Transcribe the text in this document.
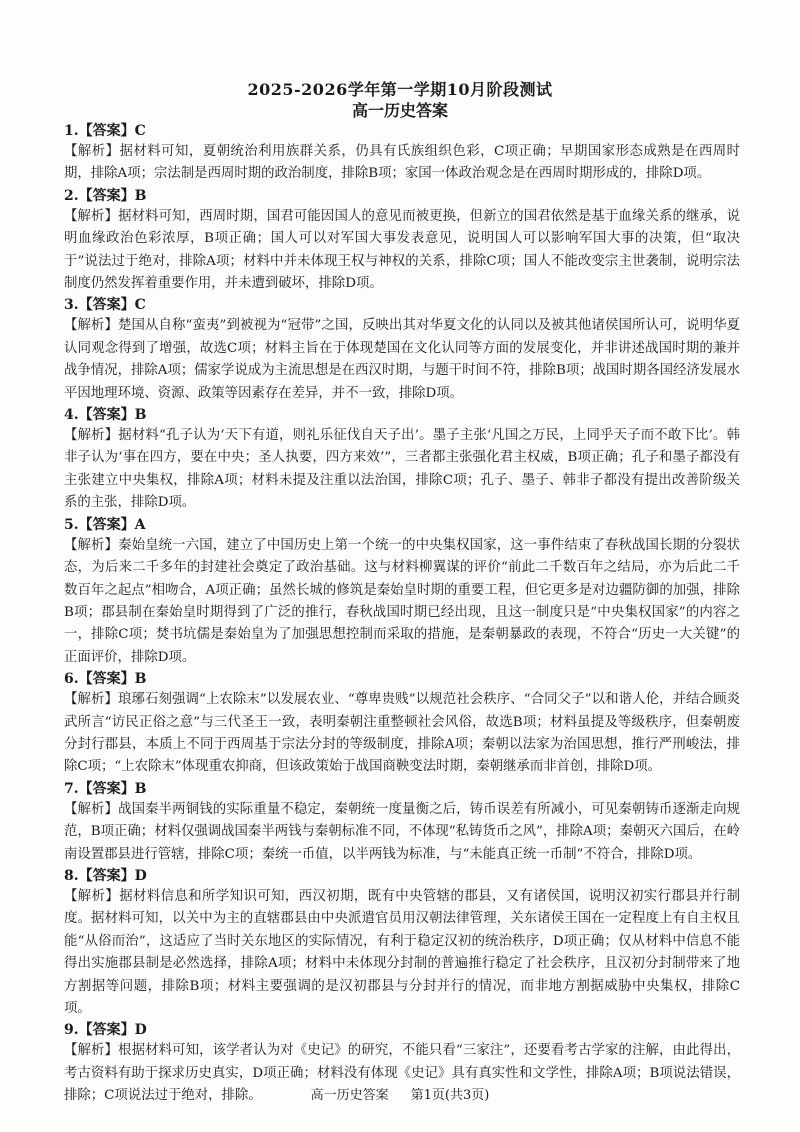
2025-2026学年第一学期10月阶段测试
高一历史答案
1.【答案】C

【解析】据材料可知，夏朝统治利用族群关系，仍具有氏族组织色彩，C项正确；早期国家形态成熟是在西周时期，排除A项；宗法制是西周时期的政治制度，排除B项；家国一体政治观念是在西周时期形成的，排除D项。

2.【答案】B

【解析】据材料可知，西周时期，国君可能因国人的意见而被更换，但新立的国君依然是基于血缘关系的继承，说明血缘政治色彩浓厚，B项正确；国人可以对军国大事发表意见，说明国人可以影响军国大事的决策，但“取决于”说法过于绝对，排除A项；材料中并未体现王权与神权的关系，排除C项；国人不能改变宗主世袭制，说明宗法制度仍然发挥着重要作用，并未遭到破坏，排除D项。

3.【答案】C

【解析】楚国从自称“蛮夷”到被视为“冠带”之国，反映出其对华夏文化的认同以及被其他诸侯国所认可，说明华夏认同观念得到了增强，故选C项；材料主旨在于体现楚国在文化认同等方面的发展变化，并非讲述战国时期的兼并战争情况，排除A项；儒家学说成为主流思想是在西汉时期，与题干时间不符，排除B项；战国时期各国经济发展水平因地理环境、资源、政策等因素存在差异，并不一致，排除D项。

4.【答案】B

【解析】据材料“孔子认为‘天下有道，则礼乐征伐自天子出’。墨子主张‘凡国之万民，上同乎天子而不敢下比’。韩非子认为‘事在四方，要在中央；圣人执要，四方来效’”，三者都主张强化君主权威，B项正确；孔子和墨子都没有主张建立中央集权，排除A项；材料未提及注重以法治国，排除C项；孔子、墨子、韩非子都没有提出改善阶级关系的主张，排除D项。

5.【答案】A

【解析】秦始皇统一六国，建立了中国历史上第一个统一的中央集权国家，这一事件结束了春秋战国长期的分裂状态，为后来二千多年的封建社会奠定了政治基础。这与材料柳翼谋的评价“前此二千数百年之结局，亦为后此二千数百年之起点”相吻合，A项正确；虽然长城的修筑是秦始皇时期的重要工程，但它更多是对边疆防御的加强，排除B项；郡县制在秦始皇时期得到了广泛的推行，春秋战国时期已经出现，且这一制度只是“中央集权国家”的内容之一，排除C项；焚书坑儒是秦始皇为了加强思想控制而采取的措施，是秦朝暴政的表现，不符合“历史一大关键”的正面评价，排除D项。

6.【答案】B

【解析】琅琊石刻强调“上农除末”以发展农业、“尊卑贵贱”以规范社会秩序、“合同父子”以和谐人伦，并结合顾炎武所言“访民正俗之意”与三代圣王一致，表明秦朝注重整顿社会风俗，故选B项；材料虽提及等级秩序，但秦朝废分封行郡县，本质上不同于西周基于宗法分封的等级制度，排除A项；秦朝以法家为治国思想，推行严刑峻法，排除C项；“上农除末”体现重农抑商，但该政策始于战国商鞅变法时期，秦朝继承而非首创，排除D项。

7.【答案】B

【解析】战国秦半两铜钱的实际重量不稳定，秦朝统一度量衡之后，铸币误差有所减小，可见秦朝铸币逐渐走向规范，B项正确；材料仅强调战国秦半两钱与秦朝标准不同，不体现“私铸货币之风”，排除A项；秦朝灭六国后，在岭南设置郡县进行管辖，排除C项；秦统一币值，以半两钱为标准，与“未能真正统一币制”不符合，排除D项。

8.【答案】D

【解析】据材料信息和所学知识可知，西汉初期，既有中央管辖的郡县，又有诸侯国，说明汉初实行郡县并行制度。据材料可知，以关中为主的直辖郡县由中央派遣官员用汉朝法律管理，关东诸侯王国在一定程度上有自主权且能“从俗而治”，这适应了当时关东地区的实际情况，有利于稳定汉初的统治秩序，D项正确；仅从材料中信息不能得出实施郡县制是必然选择，排除A项；材料中未体现分封制的普遍推行稳定了社会秩序，且汉初分封制带来了地方割据等问题，排除B项；材料主要强调的是汉初郡县与分封并行的情况，而非地方割据威胁中央集权，排除C项。

9.【答案】D

【解析】根据材料可知，该学者认为对《史记》的研究，不能只看“三家注”，还要看考古学家的注解，由此得出，考古资料有助于探求历史真实，D项正确；材料没有体现《史记》具有真实性和文学性，排除A项；B项说法错误，排除；C项说法过于绝对，排除。	高一历史答案 第1页(共3页)
